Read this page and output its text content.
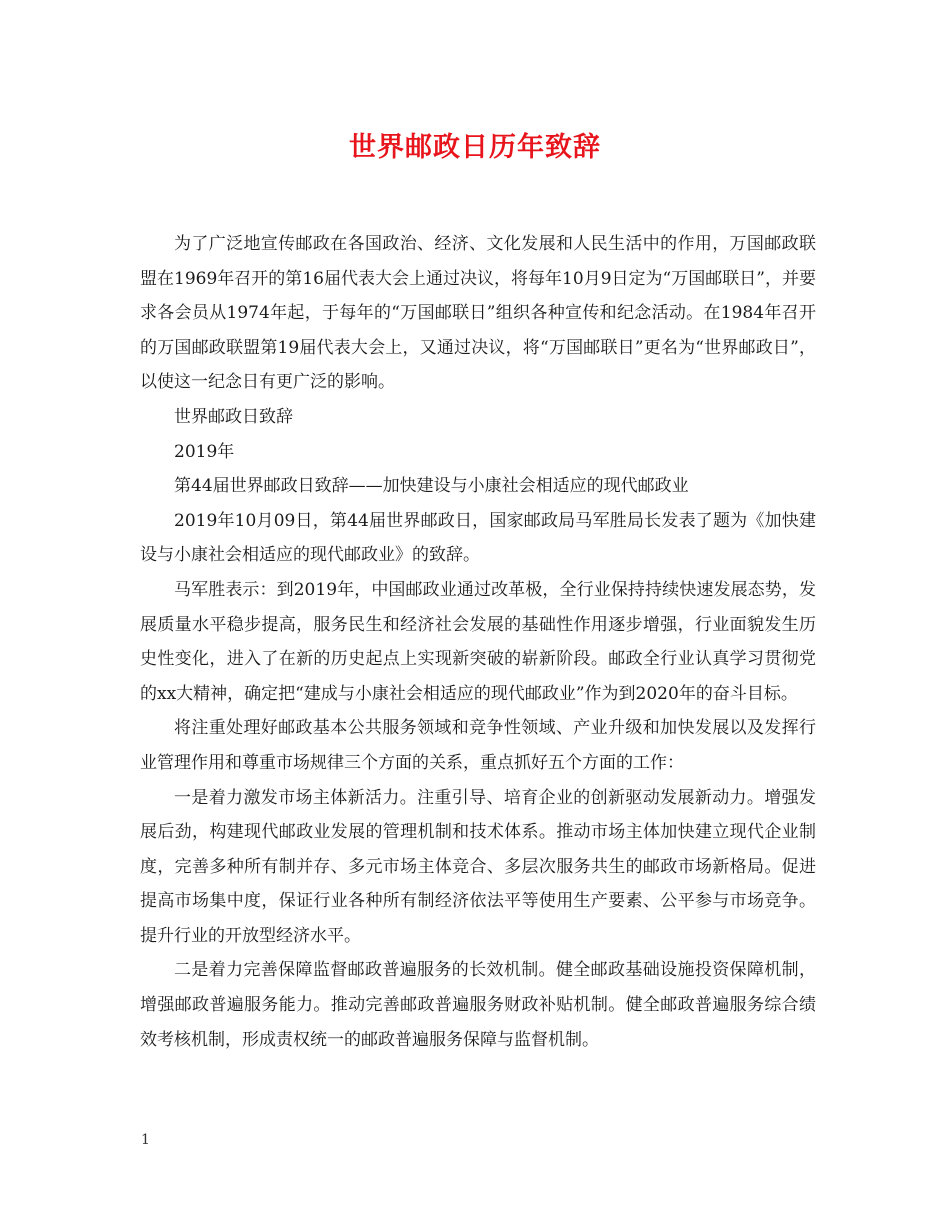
世界邮政日历年致辞

为了广泛地宣传邮政在各国政治、经济、文化发展和人民生活中的作用，万国邮政联盟在1969年召开的第16届代表大会上通过决议，将每年10月9日定为“万国邮联日”，并要求各会员从1974年起，于每年的“万国邮联日”组织各种宣传和纪念活动。在1984年召开的万国邮政联盟第19届代表大会上，又通过决议，将“万国邮联日”更名为“世界邮政日”，以使这一纪念日有更广泛的影响。

世界邮政日致辞

2019年

第44届世界邮政日致辞——加快建设与小康社会相适应的现代邮政业

2019年10月09日，第44届世界邮政日，国家邮政局马军胜局长发表了题为《加快建设与小康社会相适应的现代邮政业》的致辞。

马军胜表示：到2019年，中国邮政业通过改革极，全行业保持持续快速发展态势，发展质量水平稳步提高，服务民生和经济社会发展的基础性作用逐步增强，行业面貌发生历史性变化，进入了在新的历史起点上实现新突破的崭新阶段。邮政全行业认真学习贯彻党的xx大精神，确定把“建成与小康社会相适应的现代邮政业”作为到2020年的奋斗目标。

将注重处理好邮政基本公共服务领域和竞争性领域、产业升级和加快发展以及发挥行业管理作用和尊重市场规律三个方面的关系，重点抓好五个方面的工作：

一是着力激发市场主体新活力。注重引导、培育企业的创新驱动发展新动力。增强发展后劲，构建现代邮政业发展的管理机制和技术体系。推动市场主体加快建立现代企业制度，完善多种所有制并存、多元市场主体竞合、多层次服务共生的邮政市场新格局。促进提高市场集中度，保证行业各种所有制经济依法平等使用生产要素、公平参与市场竞争。提升行业的开放型经济水平。

二是着力完善保障监督邮政普遍服务的长效机制。健全邮政基础设施投资保障机制，增强邮政普遍服务能力。推动完善邮政普遍服务财政补贴机制。健全邮政普遍服务综合绩效考核机制，形成责权统一的邮政普遍服务保障与监督机制。

1
